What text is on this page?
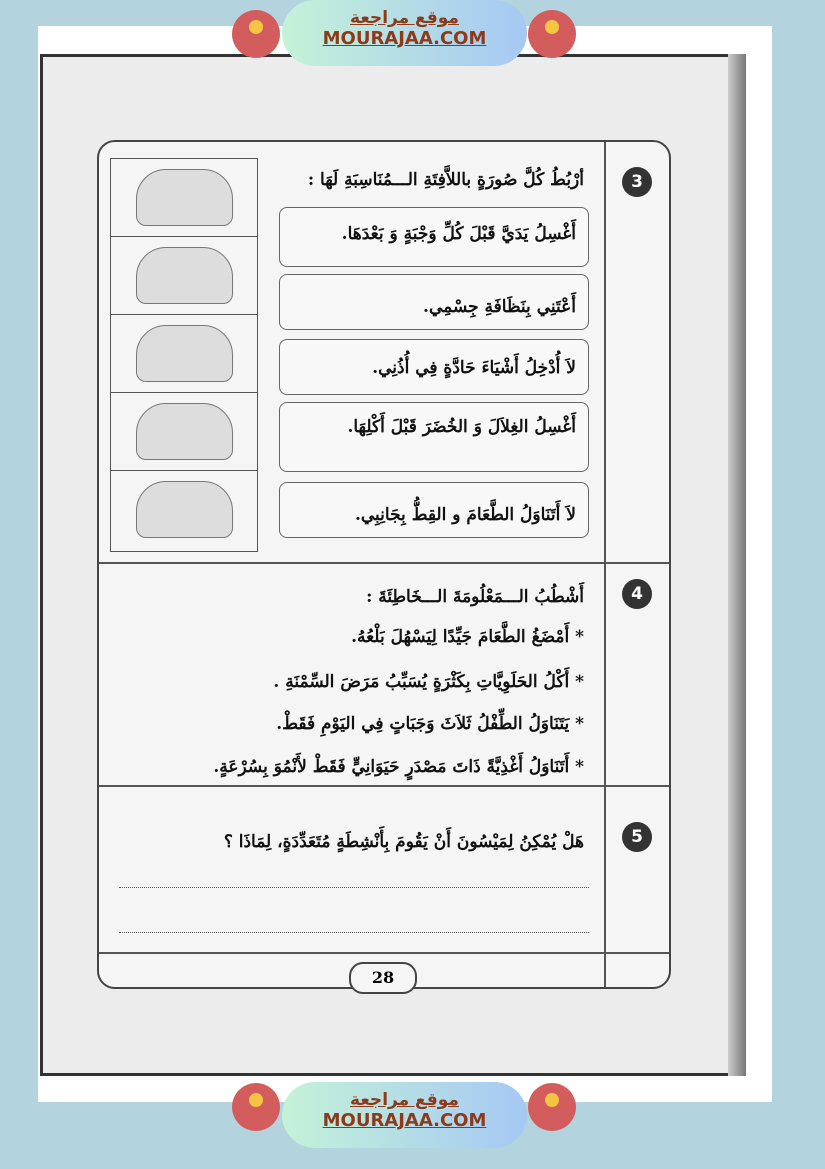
3
أرْبُطُ كُلَّ صُورَةٍ باللاَّفِتَةِ الـــمُنَاسِبَةِ لَهَا :
أَغْسِلُ يَدَيَّ قَبْلَ كُلِّ وَجْبَةٍ وَ بَعْدَهَا.
أَعْتَنِي بِنَظَافَةِ جِسْمِي.
لاَ أُدْخِلُ أَشْيَاءَ حَادَّةٍ فِي أُذُنِي.
أَغْسِلُ الغِلاَلَ وَ الخُضَرَ قَبْلَ أَكْلِهَا.
لاَ أَتَنَاوَلُ الطَّعَامَ و القِطُّ بِجَانِبِي.
4
أَشْطُبُ الـــمَعْلُومَةَ الـــخَاطِئَةَ :
* أَمْضَغُ الطَّعَامَ جَيِّدًا لِيَسْهُلَ بَلْعُهُ.
* أَكْلُ الحَلَوِيَّاتِ بِكَثْرَةٍ يُسَبِّبُ مَرَضَ السِّمْنَةِ .
* يَتَنَاوَلُ الطِّفْلُ ثَلاَثَ وَجَبَاتٍ فِي اليَوْمِ فَقَطْ.
* أَتَنَاوَلُ أَغْذِيَّةً ذَاتَ مَصْدَرٍ حَيَوَانِيٍّ فَقَطْ لأَنْمُوَ بِسُرْعَةٍ.
5
هَلْ يُمْكِنُ لِمَيْسُونَ أَنْ يَقُومَ بِأَنْشِطَةٍ مُتَعَدِّدَةٍ، لِمَاذَا ؟
28
موقع مراجعة
MOURAJAA.COM
موقع مراجعة
MOURAJAA.COM
